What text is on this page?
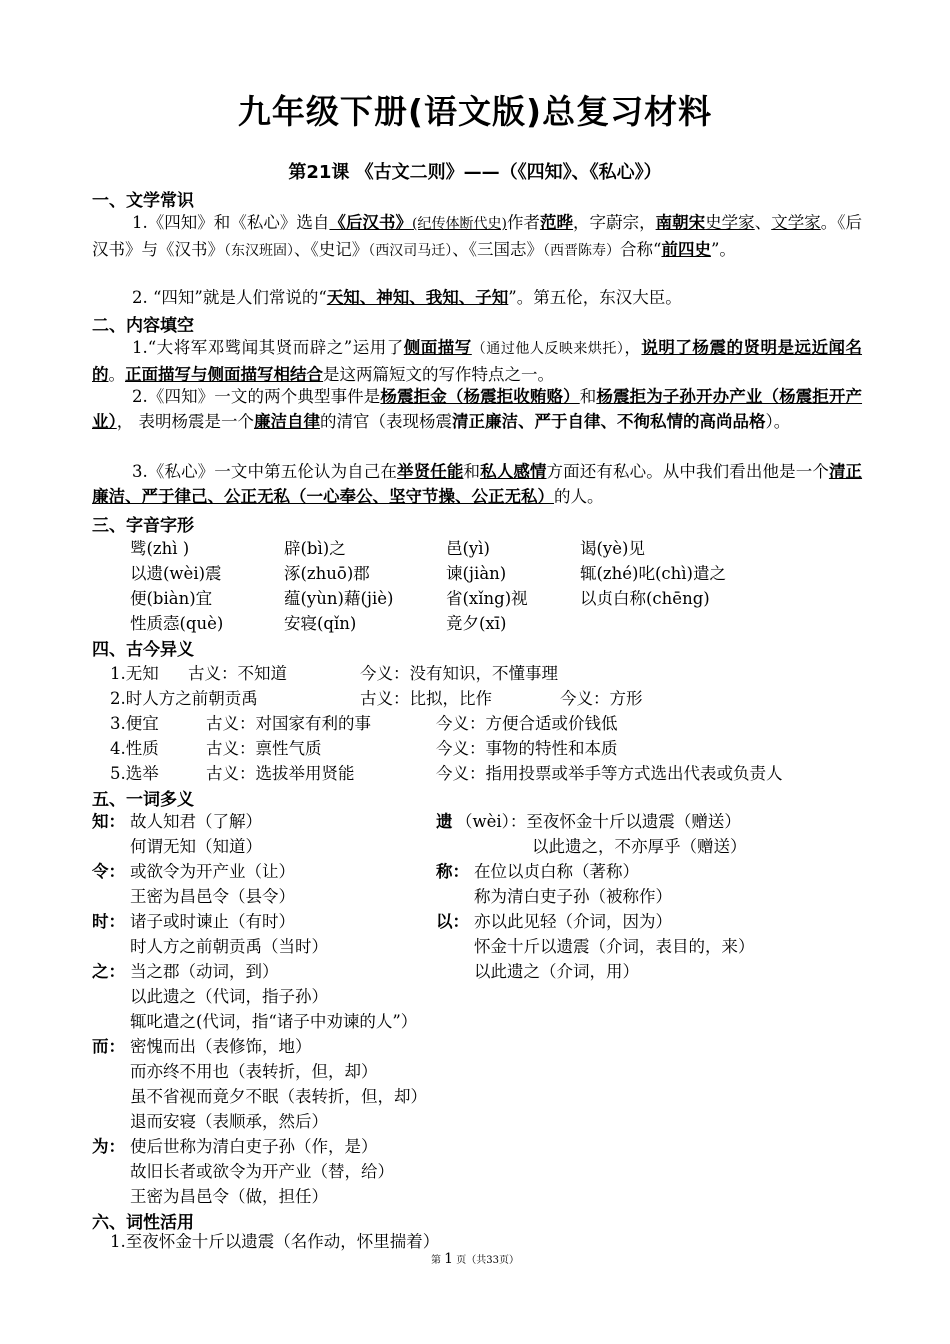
九年级下册(语文版)总复习材料
第21课 《古文二则》——（《四知》、《私心》）
一、文学常识
1.《四知》和《私心》选自《后汉书》(纪传体断代史)作者范晔，字蔚宗，南朝宋史学家、文学家。《后汉书》与《汉书》（东汉班固）、《史记》（西汉司马迁）、《三国志》（西晋陈寿）合称“前四史”。
2. “四知”就是人们常说的“天知、神知、我知、子知”。第五伦，东汉大臣。
二、内容填空
1.“大将军邓骘闻其贤而辟之”运用了侧面描写（通过他人反映来烘托），说明了杨震的贤明是远近闻名的。正面描写与侧面描写相结合是这两篇短文的写作特点之一。
2.《四知》一文的两个典型事件是杨震拒金（杨震拒收贿赂）和杨震拒为子孙开办产业（杨震拒开产业）， 表明杨震是一个廉洁自律的清官（表现杨震清正廉洁、严于自律、不徇私情的高尚品格）。
3.《私心》一文中第五伦认为自己在举贤任能和私人感情方面还有私心。从中我们看出他是一个清正廉洁、严于律己、公正无私（一心奉公、坚守节操、公正无私）的人。
三、字音字形
骘(zhì )	辟(bì)之	邑(yì)	谒(yè)见
以遗(wèi)震	涿(zhuō)郡	谏(jiàn)	辄(zhé)叱(chì)遣之
便(biàn)宜	蕴(yùn)藉(jiè)	省(xǐng)视	以贞白称(chēng)
性质悫(què)	安寝(qǐn)	竟夕(xī)
四、古今异义
1.无知 古义：不知道	今义：没有知识，不懂事理
2.时人方之前朝贡禹	古义：比拟，比作	今义：方形
3.便宜	古义：对国家有利的事	今义：方便合适或价钱低
4.性质	古义：禀性气质	今义：事物的特性和本质
5.选举	古义：选拔举用贤能	今义：指用投票或举手等方式选出代表或负责人
五、一词多义
知： 故人知君（了解）
何谓无知（知道）
令： 或欲令为开产业（让）
王密为昌邑令（县令）
时： 诸子或时谏止（有时）
时人方之前朝贡禹（当时）
之： 当之郡（动词，到）
以此遗之（代词，指子孙）
辄叱遣之(代词，指“诸子中劝谏的人”）
而： 密愧而出（表修饰，地）
而亦终不用也（表转折，但，却）
虽不省视而竟夕不眠（表转折，但，却）
退而安寝（表顺承，然后）
为： 使后世称为清白吏子孙（作，是）
故旧长者或欲令为开产业（替，给）
王密为昌邑令（做，担任）
遗 （wèi）：至夜怀金十斤以遗震（赠送）
以此遗之，不亦厚乎（赠送）
称： 在位以贞白称（著称）
称为清白吏子孙（被称作）
以： 亦以此见轻（介词，因为）
怀金十斤以遗震（介词，表目的，来）
以此遗之（介词，用）
六、词性活用
1.至夜怀金十斤以遗震（名作动，怀里揣着）
第 1 页（共33页）
